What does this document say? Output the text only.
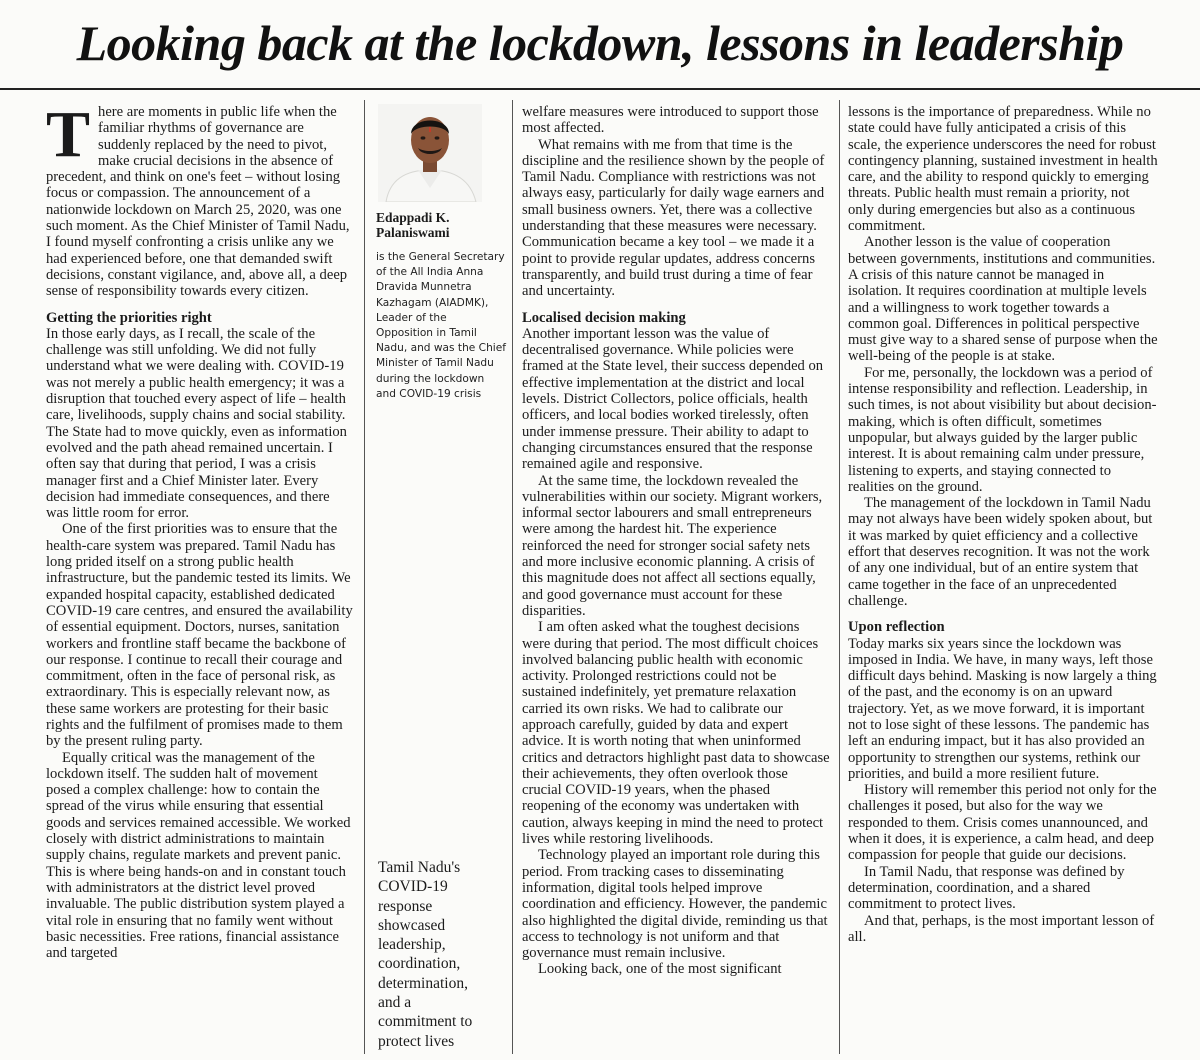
Looking back at the lockdown, lessons in leadership
T here are moments in public life when the familiar rhythms of governance are suddenly replaced by the need to pivot, make crucial decisions in the absence of precedent, and think on one's feet – without losing focus or compassion. The announcement of a nationwide lockdown on March 25, 2020, was one such moment. As the Chief Minister of Tamil Nadu, I found myself confronting a crisis unlike any we had experienced before, one that demanded swift decisions, constant vigilance, and, above all, a deep sense of responsibility towards every citizen.

Getting the priorities right

In those early days, as I recall, the scale of the challenge was still unfolding. We did not fully understand what we were dealing with. COVID-19 was not merely a public health emergency; it was a disruption that touched every aspect of life – health care, livelihoods, supply chains and social stability. The State had to move quickly, even as information evolved and the path ahead remained uncertain. I often say that during that period, I was a crisis manager first and a Chief Minister later. Every decision had immediate consequences, and there was little room for error.

One of the first priorities was to ensure that the health-care system was prepared. Tamil Nadu has long prided itself on a strong public health infrastructure, but the pandemic tested its limits. We expanded hospital capacity, established dedicated COVID-19 care centres, and ensured the availability of essential equipment. Doctors, nurses, sanitation workers and frontline staff became the backbone of our response. I continue to recall their courage and commitment, often in the face of personal risk, as extraordinary. This is especially relevant now, as these same workers are protesting for their basic rights and the fulfilment of promises made to them by the present ruling party.

Equally critical was the management of the lockdown itself. The sudden halt of movement posed a complex challenge: how to contain the spread of the virus while ensuring that essential goods and services remained accessible. We worked closely with district administrations to maintain supply chains, regulate markets and prevent panic. This is where being hands-on and in constant touch with administrators at the district level proved invaluable. The public distribution system played a vital role in ensuring that no family went without basic necessities. Free rations, financial assistance and targeted

Edappadi K.
Palaniswami
is the General Secretary of the All India Anna Dravida Munnetra Kazhagam (AIADMK), Leader of the Opposition in Tamil Nadu, and was the Chief Minister of Tamil Nadu during the lockdown and COVID-19 crisis
Tamil Nadu's
COVID-19
response
showcased
leadership,
coordination,
determination,
and a
commitment to
protect lives

welfare measures were introduced to support those most affected.

What remains with me from that time is the discipline and the resilience shown by the people of Tamil Nadu. Compliance with restrictions was not always easy, particularly for daily wage earners and small business owners. Yet, there was a collective understanding that these measures were necessary. Communication became a key tool – we made it a point to provide regular updates, address concerns transparently, and build trust during a time of fear and uncertainty.

Localised decision making

Another important lesson was the value of decentralised governance. While policies were framed at the State level, their success depended on effective implementation at the district and local levels. District Collectors, police officials, health officers, and local bodies worked tirelessly, often under immense pressure. Their ability to adapt to changing circumstances ensured that the response remained agile and responsive.

At the same time, the lockdown revealed the vulnerabilities within our society. Migrant workers, informal sector labourers and small entrepreneurs were among the hardest hit. The experience reinforced the need for stronger social safety nets and more inclusive economic planning. A crisis of this magnitude does not affect all sections equally, and good governance must account for these disparities.

I am often asked what the toughest decisions were during that period. The most difficult choices involved balancing public health with economic activity. Prolonged restrictions could not be sustained indefinitely, yet premature relaxation carried its own risks. We had to calibrate our approach carefully, guided by data and expert advice. It is worth noting that when uninformed critics and detractors highlight past data to showcase their achievements, they often overlook those crucial COVID-19 years, when the phased reopening of the economy was undertaken with caution, always keeping in mind the need to protect lives while restoring livelihoods.

Technology played an important role during this period. From tracking cases to disseminating information, digital tools helped improve coordination and efficiency. However, the pandemic also highlighted the digital divide, reminding us that access to technology is not uniform and that governance must remain inclusive.

Looking back, one of the most significant

lessons is the importance of preparedness. While no state could have fully anticipated a crisis of this scale, the experience underscores the need for robust contingency planning, sustained investment in health care, and the ability to respond quickly to emerging threats. Public health must remain a priority, not only during emergencies but also as a continuous commitment.

Another lesson is the value of cooperation between governments, institutions and communities. A crisis of this nature cannot be managed in isolation. It requires coordination at multiple levels and a willingness to work together towards a common goal. Differences in political perspective must give way to a shared sense of purpose when the well-being of the people is at stake.

For me, personally, the lockdown was a period of intense responsibility and reflection. Leadership, in such times, is not about visibility but about decision-making, which is often difficult, sometimes unpopular, but always guided by the larger public interest. It is about remaining calm under pressure, listening to experts, and staying connected to realities on the ground.

The management of the lockdown in Tamil Nadu may not always have been widely spoken about, but it was marked by quiet efficiency and a collective effort that deserves recognition. It was not the work of any one individual, but of an entire system that came together in the face of an unprecedented challenge.

Upon reflection

Today marks six years since the lockdown was imposed in India. We have, in many ways, left those difficult days behind. Masking is now largely a thing of the past, and the economy is on an upward trajectory. Yet, as we move forward, it is important not to lose sight of these lessons. The pandemic has left an enduring impact, but it has also provided an opportunity to strengthen our systems, rethink our priorities, and build a more resilient future.

History will remember this period not only for the challenges it posed, but also for the way we responded to them. Crisis comes unannounced, and when it does, it is experience, a calm head, and deep compassion for people that guide our decisions.

In Tamil Nadu, that response was defined by determination, coordination, and a shared commitment to protect lives.

And that, perhaps, is the most important lesson of all.
